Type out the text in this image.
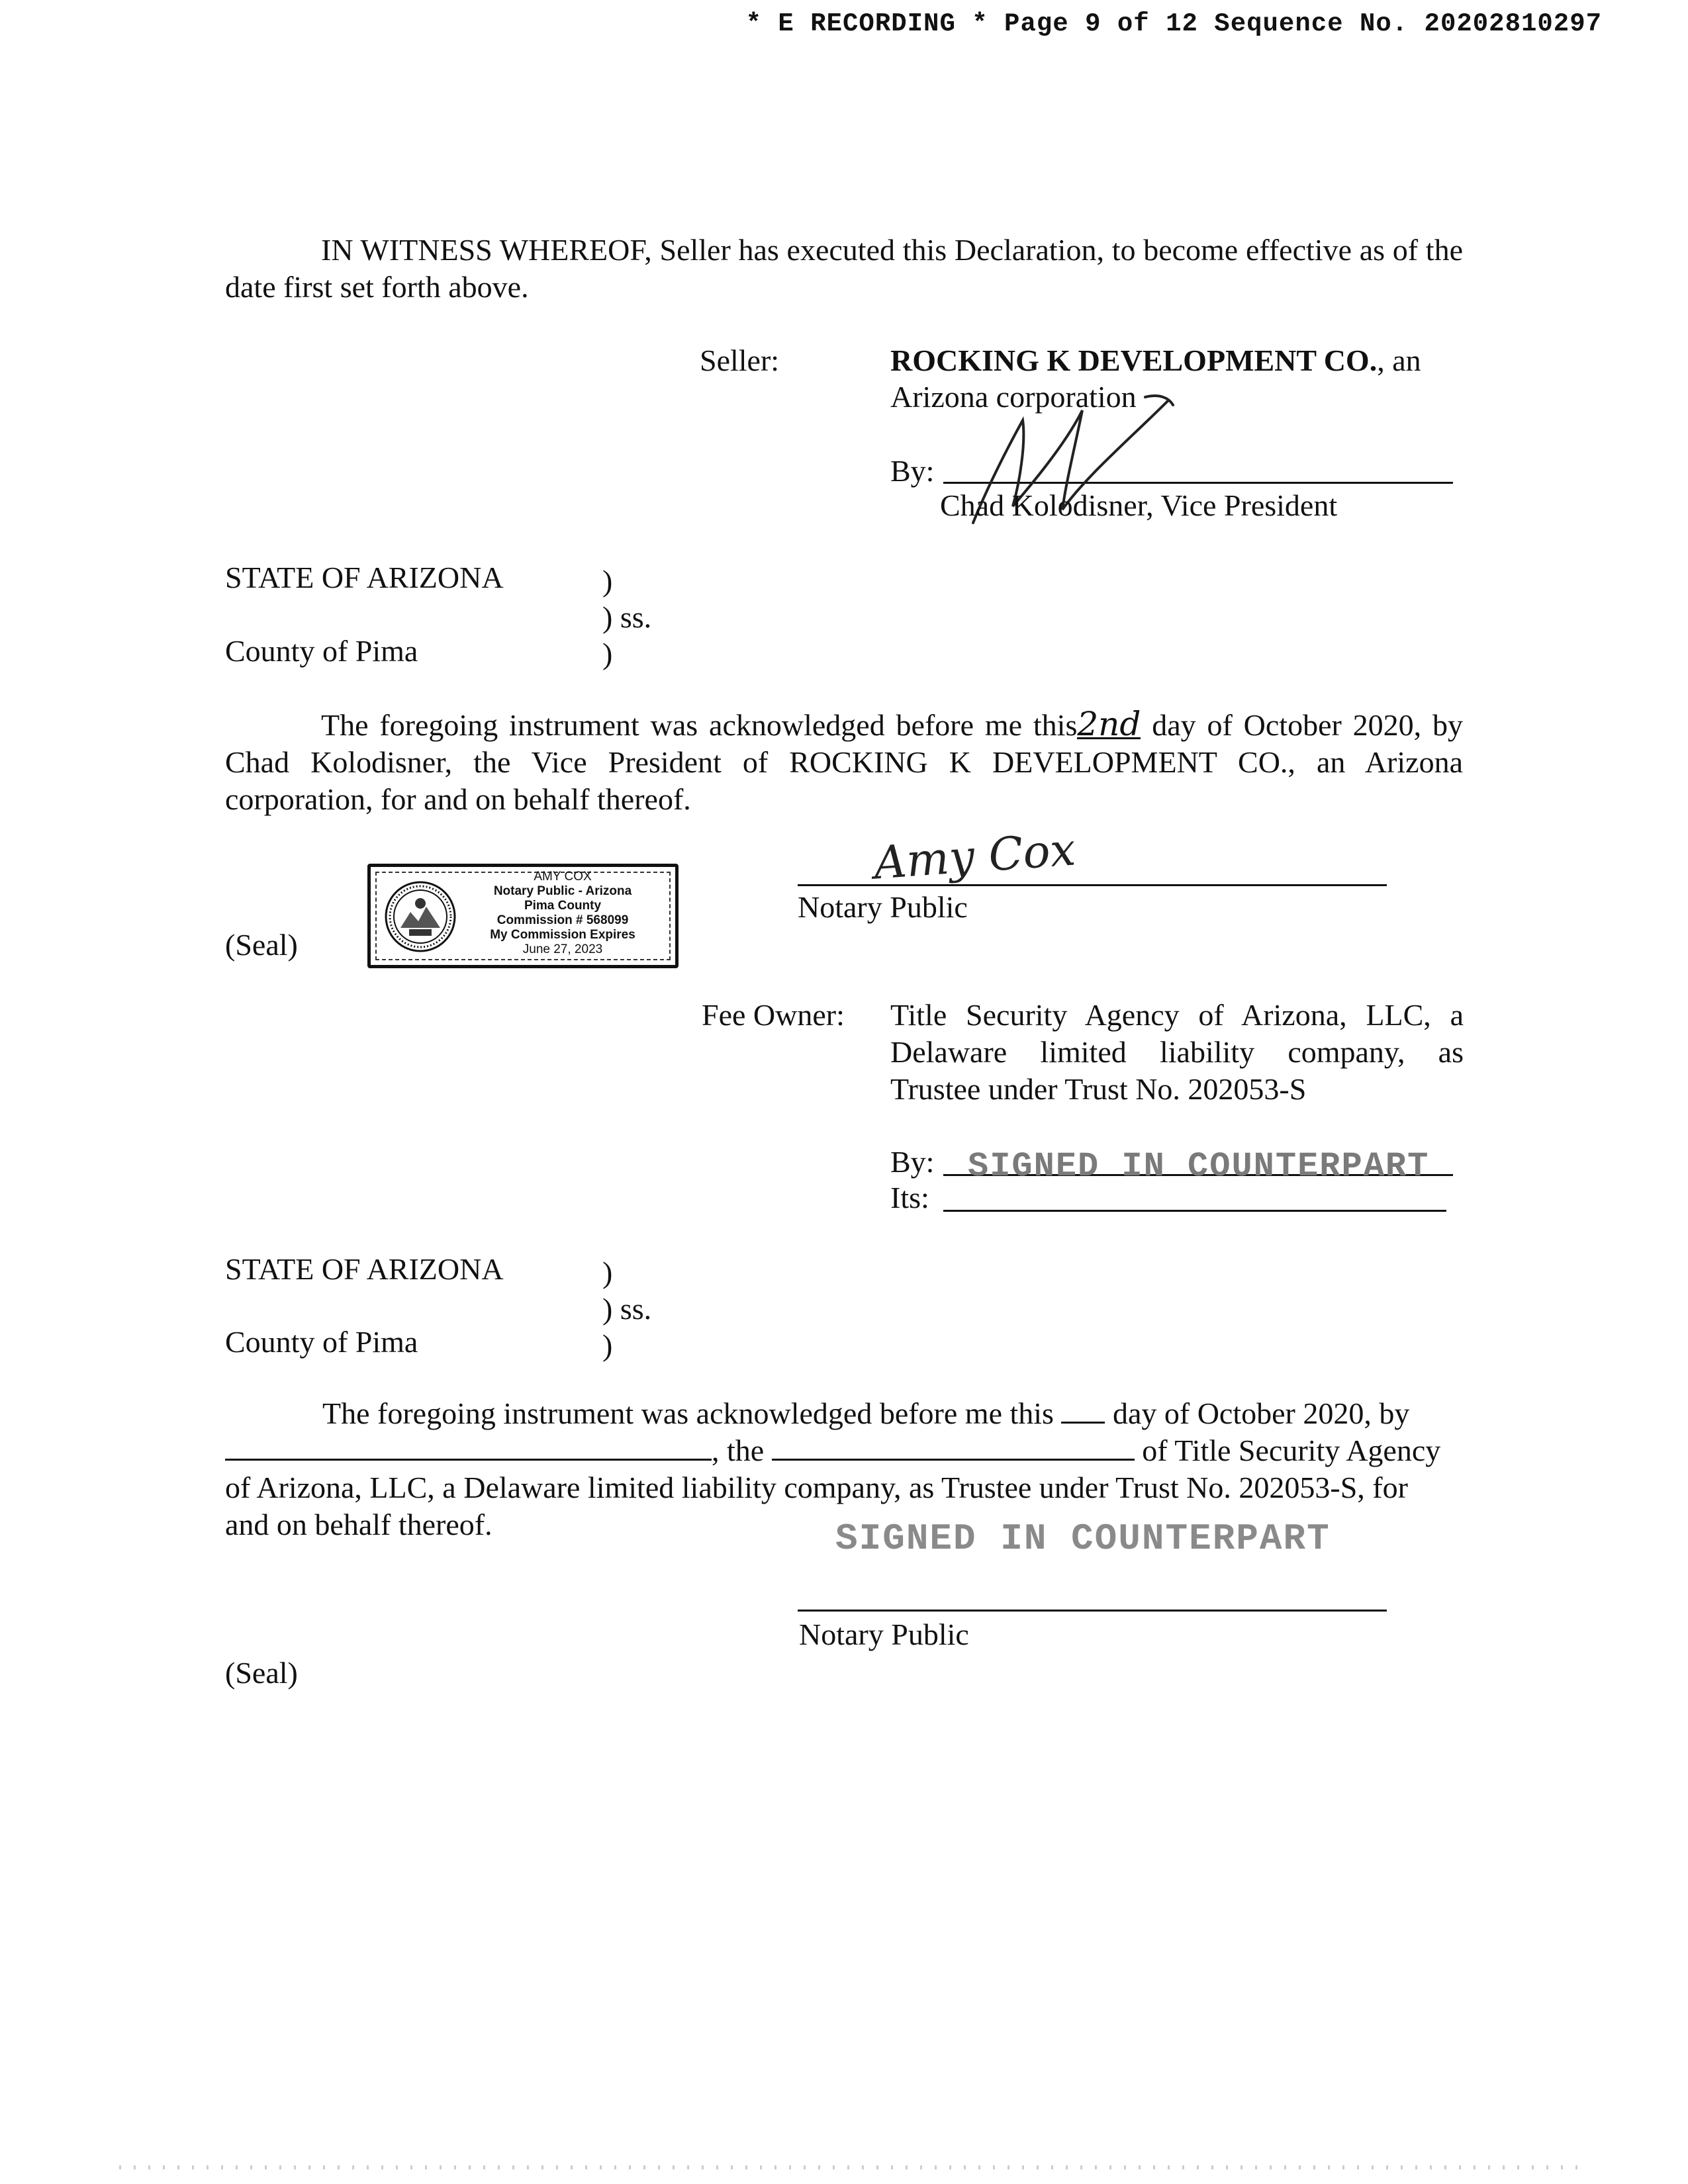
* E RECORDING * Page 9 of 12 Sequence No. 20202810297
IN WITNESS WHEREOF, Seller has executed this Declaration, to become effective as of the date first set forth above.
Seller:	ROCKING K DEVELOPMENT CO., an
Arizona corporation
By:
Chad Kolodisner, Vice President
STATE OF ARIZONA	)
) ss.
County of Pima	)
The foregoing instrument was acknowledged before me this2nd day of October 2020, by Chad Kolodisner, the Vice President of ROCKING K DEVELOPMENT CO., an Arizona corporation, for and on behalf thereof.
AMY COX
Notary Public - Arizona
Pima County
Commission # 568099
My Commission Expires
June 27, 2023
(Seal)
Amy Cox
Notary Public
Fee Owner: Title Security Agency of Arizona, LLC, a
Delaware limited liability company, as
Trustee under Trust No. 202053-S
By: SIGNED IN COUNTERPART
Its:
STATE OF ARIZONA	)
) ss.
County of Pima	)
The foregoing instrument was acknowledged before me this day of October 2020, by
, the	of Title Security Agency
of Arizona, LLC, a Delaware limited liability company, as Trustee under Trust No. 202053-S, for
and on behalf thereof.	SIGNED IN COUNTERPART
Notary Public
(Seal)
